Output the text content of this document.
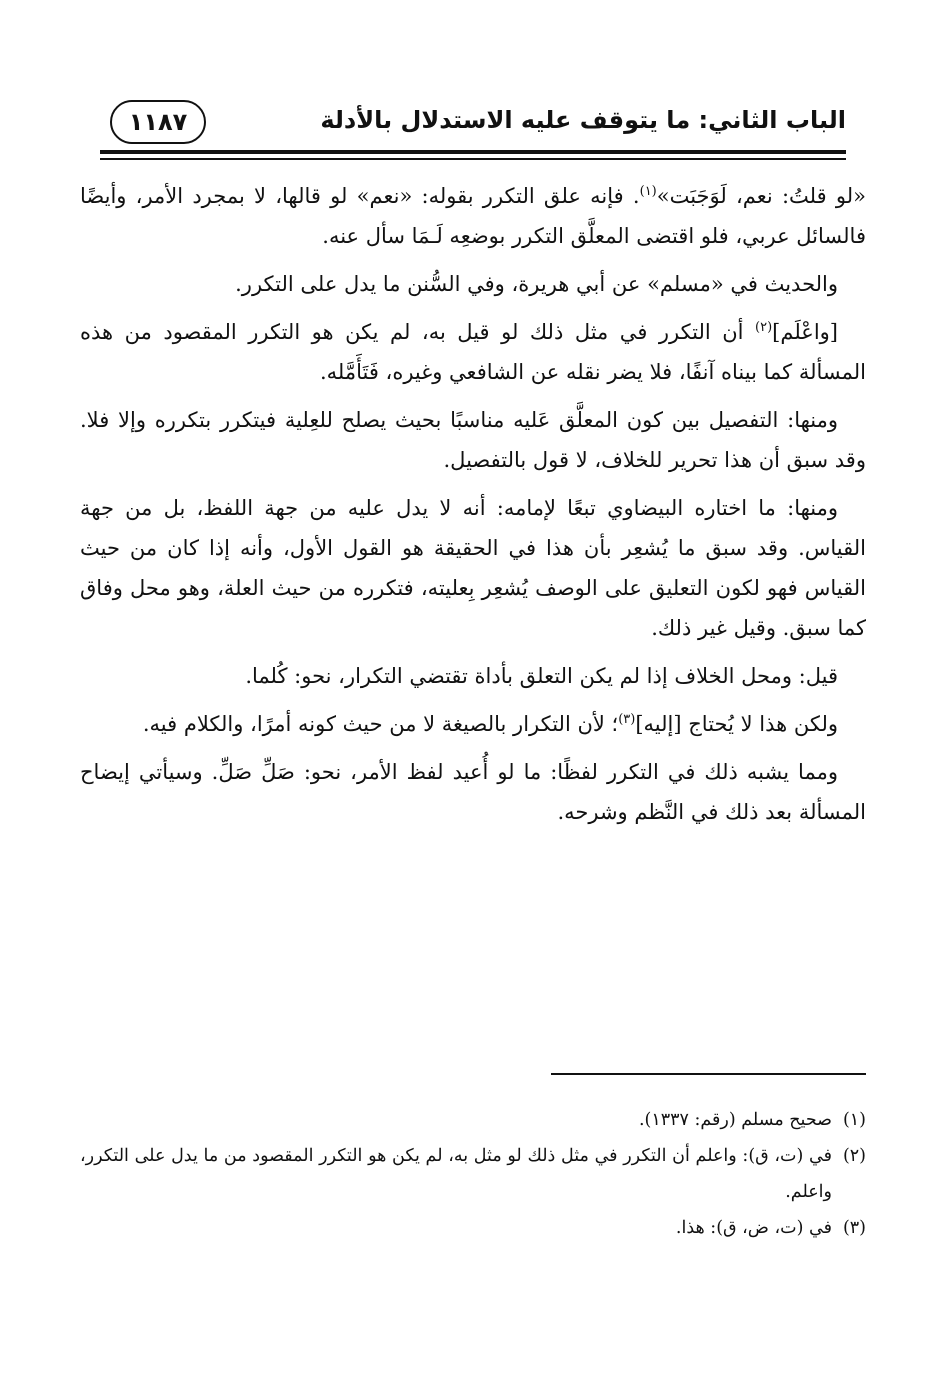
الباب الثاني: ما يتوقف عليه الاستدلال بالأدلة
١١٨٧

«لو قلتُ: نعم، لَوَجَبَت»$^{(١)}$. فإنه علق التكرر بقوله: «نعم» لو قالها، لا بمجرد الأمر، وأيضًا فالسائل عربي، فلو اقتضى المعلَّق التكرر بوضعِه لَـمَا سأل عنه.

والحديث في «مسلم» عن أبي هريرة، وفي السُّنن ما يدل على التكرر.

[واعْلَم]$^{(٢)}$ أن التكرر في مثل ذلك لو قيل به، لم يكن هو التكرر المقصود من هذه المسألة كما بيناه آنفًا، فلا يضر نقله عن الشافعي وغيره، فَتَأَمَّله.

ومنها: التفصيل بين كون المعلَّق عَليه مناسبًا بحيث يصلح للعِلية فيتكرر بتكرره وإلا فلا. وقد سبق أن هذا تحرير للخلاف، لا قول بالتفصيل.

ومنها: ما اختاره البيضاوي تبعًا لإمامه: أنه لا يدل عليه من جهة اللفظ، بل من جهة القياس. وقد سبق ما يُشعِر بأن هذا في الحقيقة هو القول الأول، وأنه إذا كان من حيث القياس فهو لكون التعليق على الوصف يُشعِر بِعليته، فتكرره من حيث العلة، وهو محل وفاق كما سبق. وقيل غير ذلك.

قيل: ومحل الخلاف إذا لم يكن التعلق بأداة تقتضي التكرار، نحو: كُلما.

ولكن هذا لا يُحتاج [إليه]$^{(٣)}$؛ لأن التكرار بالصيغة لا من حيث كونه أمرًا، والكلام فيه.

ومما يشبه ذلك في التكرر لفظًا: ما لو أُعيد لفظ الأمر، نحو: صَلِّ صَلِّ. وسيأتي إيضاح المسألة بعد ذلك في النَّظم وشرحه.

(١)صحيح مسلم (رقم: ١٣٣٧).

(٢)في (ت، ق): واعلم أن التكرر في مثل ذلك لو مثل به، لم يكن هو التكرر المقصود من ما يدل على التكرر، واعلم.

(٣)في (ت، ض، ق): هذا.
